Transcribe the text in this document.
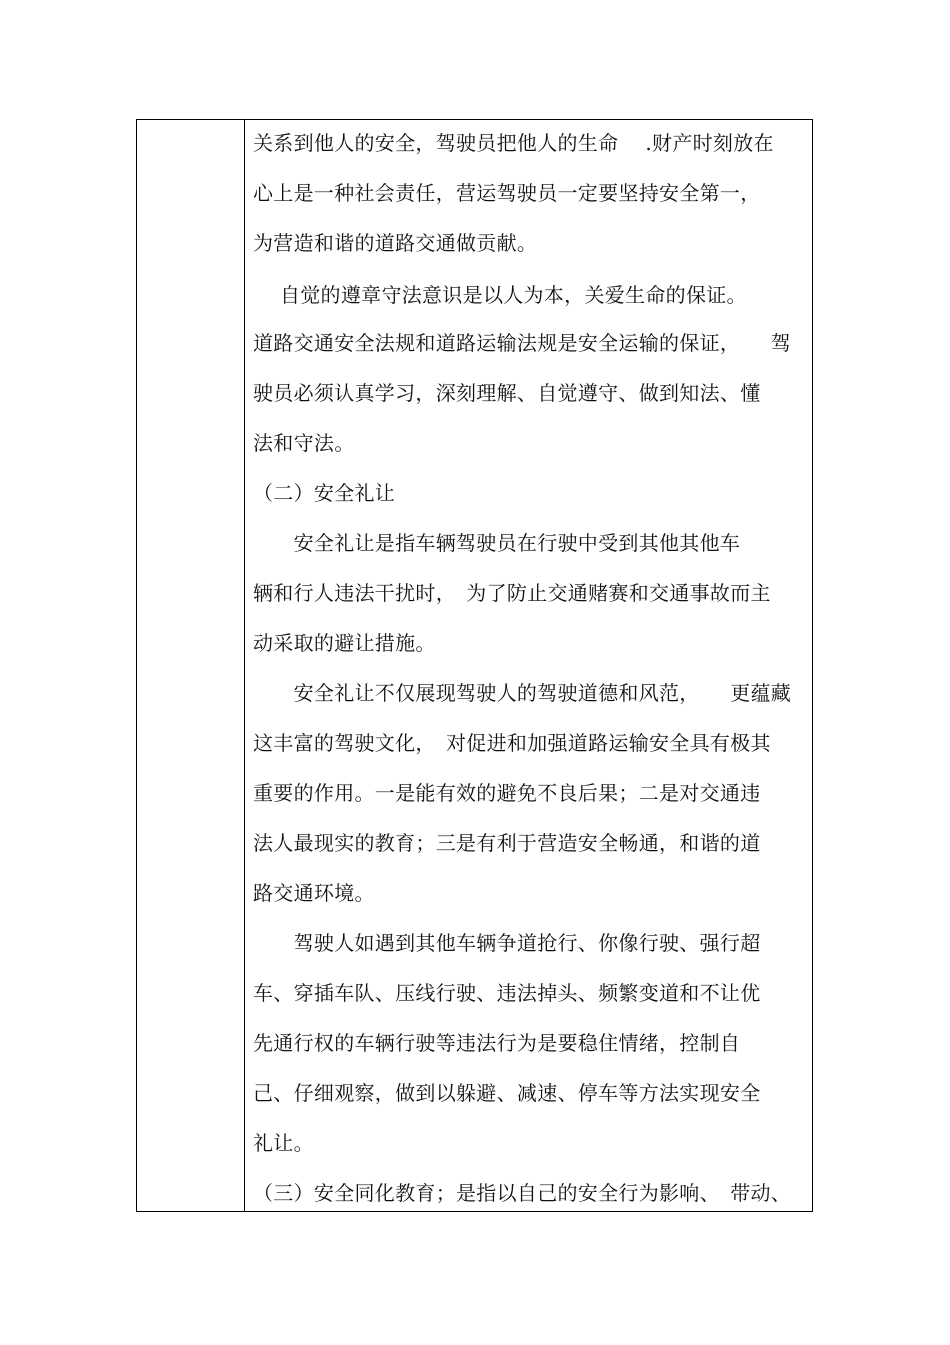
关系到他人的安全，驾驶员把他人的生命　 .财产时刻放在
心上是一种社会责任，营运驾驶员一定要坚持安全第一，
为营造和谐的道路交通做贡献。
　 自觉的遵章守法意识是以人为本，关爱生命的保证。
道路交通安全法规和道路运输法规是安全运输的保证，　　驾
驶员必须认真学习，深刻理解、自觉遵守、做到知法、懂
法和守法。
（二）安全礼让
　　安全礼让是指车辆驾驶员在行驶中受到其他其他车
辆和行人违法干扰时，　为了防止交通赌赛和交通事故而主
动采取的避让措施。
　　安全礼让不仅展现驾驶人的驾驶道德和风范，　　更蕴藏
这丰富的驾驶文化，　对促进和加强道路运输安全具有极其
重要的作用。一是能有效的避免不良后果；二是对交通违
法人最现实的教育；三是有利于营造安全畅通，和谐的道
路交通环境。
　　驾驶人如遇到其他车辆争道抢行、你像行驶、强行超
车、穿插车队、压线行驶、违法掉头、频繁变道和不让优
先通行权的车辆行驶等违法行为是要稳住情绪，控制自
己、仔细观察，做到以躲避、减速、停车等方法实现安全
礼让。
（三）安全同化教育；是指以自己的安全行为影响、　带动、
